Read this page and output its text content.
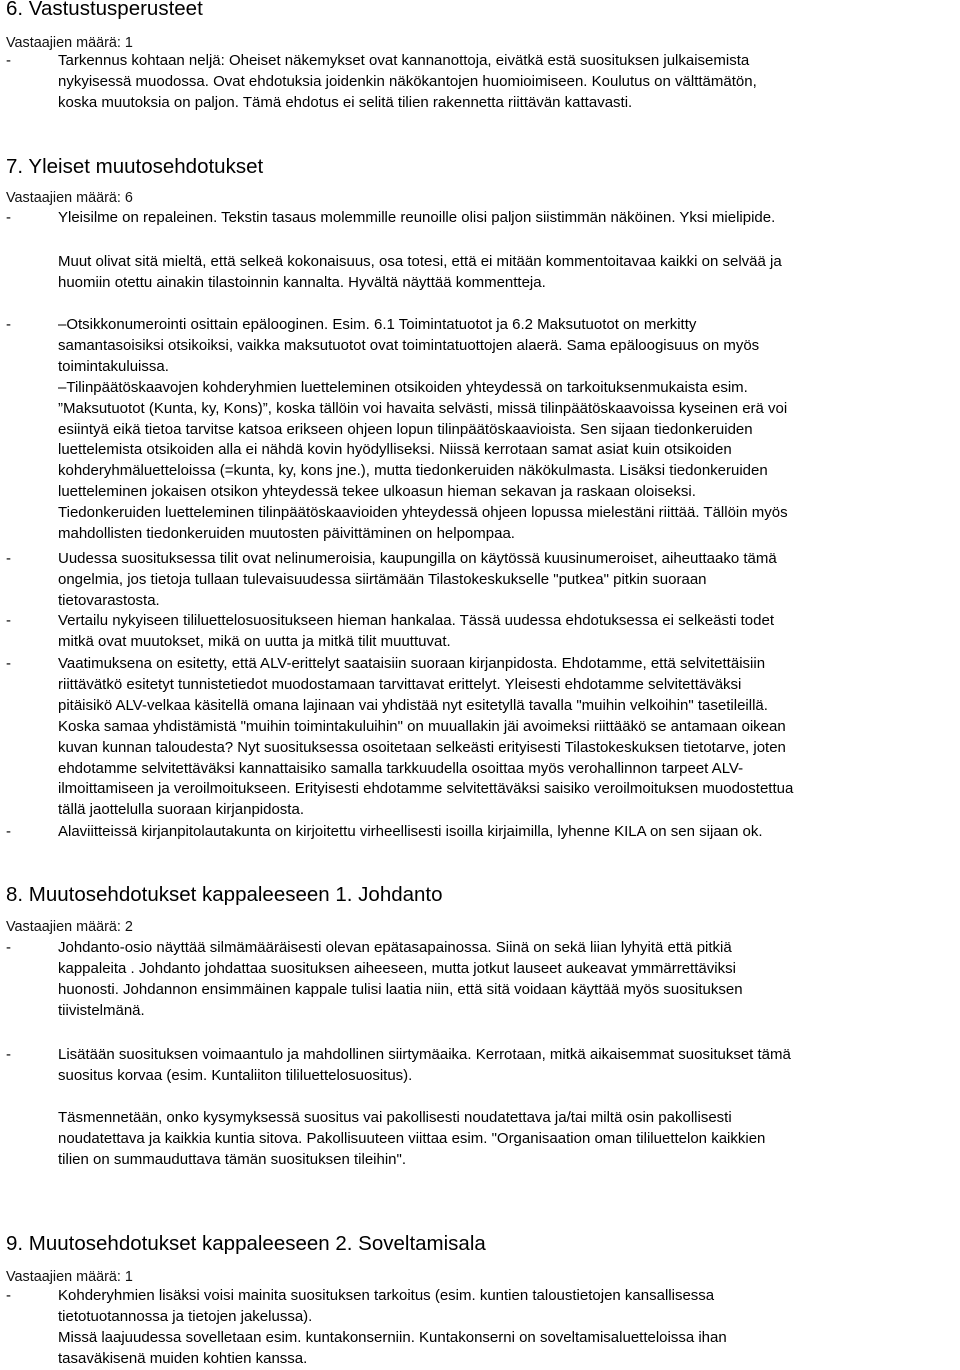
6. Vastustusperusteet
Vastaajien määrä: 1
-	Tarkennus kohtaan neljä: Oheiset näkemykset ovat kannanottoja, eivätkä estä suosituksen julkaisemista
nykyisessä muodossa. Ovat ehdotuksia joidenkin näkökantojen huomioimiseen. Koulutus on välttämätön,
koska muutoksia on paljon. Tämä ehdotus ei selitä tilien rakennetta riittävän kattavasti.
7. Yleiset muutosehdotukset
Vastaajien määrä: 6
-	Yleisilme on repaleinen. Tekstin tasaus molemmille reunoille olisi paljon siistimmän näköinen. Yksi mielipide.
Muut olivat sitä mieltä, että selkeä kokonaisuus, osa totesi, että ei mitään kommentoitavaa kaikki on selvää ja
huomiin otettu ainakin tilastoinnin kannalta. Hyvältä näyttää kommentteja.
-	–Otsikkonumerointi osittain epälooginen. Esim. 6.1 Toimintatuotot ja 6.2 Maksutuotot on merkitty
samantasoisiksi otsikoiksi, vaikka maksutuotot ovat toimintatuottojen alaerä. Sama epäloogisuus on myös
toimintakuluissa.
–Tilinpäätöskaavojen kohderyhmien luetteleminen otsikoiden yhteydessä on tarkoituksenmukaista esim.
”Maksutuotot (Kunta, ky, Kons)”, koska tällöin voi havaita selvästi, missä tilinpäätöskaavoissa kyseinen erä voi
esiintyä eikä tietoa tarvitse katsoa erikseen ohjeen lopun tilinpäätöskaavioista. Sen sijaan tiedonkeruiden
luettelemista otsikoiden alla ei nähdä kovin hyödylliseksi. Niissä kerrotaan samat asiat kuin otsikoiden
kohderyhmäluetteloissa (=kunta, ky, kons jne.), mutta tiedonkeruiden näkökulmasta. Lisäksi tiedonkeruiden
luetteleminen jokaisen otsikon yhteydessä tekee ulkoasun hieman sekavan ja raskaan oloiseksi.
Tiedonkeruiden luetteleminen tilinpäätöskaavioiden yhteydessä ohjeen lopussa mielestäni riittää. Tällöin myös
mahdollisten tiedonkeruiden muutosten päivittäminen on helpompaa.
-	Uudessa suosituksessa tilit ovat nelinumeroisia, kaupungilla on käytössä kuusinumeroiset, aiheuttaako tämä
ongelmia, jos tietoja tullaan tulevaisuudessa siirtämään Tilastokeskukselle "putkea" pitkin suoraan
tietovarastosta.
-	Vertailu nykyiseen tililuettelosuositukseen hieman hankalaa. Tässä uudessa ehdotuksessa ei selkeästi todet
mitkä ovat muutokset, mikä on uutta ja mitkä tilit muuttuvat.
-	Vaatimuksena on esitetty, että ALV-erittelyt saataisiin suoraan kirjanpidosta. Ehdotamme, että selvitettäisiin
riittävätkö esitetyt tunnistetiedot muodostamaan tarvittavat erittelyt. Yleisesti ehdotamme selvitettäväksi
pitäisikö ALV-velkaa käsitellä omana lajinaan vai yhdistää nyt esitetyllä tavalla "muihin velkoihin" tasetileillä.
Koska samaa yhdistämistä "muihin toimintakuluihin" on muuallakin jäi avoimeksi riittääkö se antamaan oikean
kuvan kunnan taloudesta? Nyt suosituksessa osoitetaan selkeästi erityisesti Tilastokeskuksen tietotarve, joten
ehdotamme selvitettäväksi kannattaisiko samalla tarkkuudella osoittaa myös verohallinnon tarpeet ALV-
ilmoittamiseen ja veroilmoitukseen. Erityisesti ehdotamme selvitettäväksi saisiko veroilmoituksen muodostettua
tällä jaottelulla suoraan kirjanpidosta.
-	Alaviitteissä kirjanpitolautakunta on kirjoitettu virheellisesti isoilla kirjaimilla, lyhenne KILA on sen sijaan ok.
8. Muutosehdotukset kappaleeseen 1. Johdanto
Vastaajien määrä: 2
-	Johdanto-osio näyttää silmämääräisesti olevan epätasapainossa. Siinä on sekä liian lyhyitä että pitkiä
kappaleita . Johdanto johdattaa suosituksen aiheeseen, mutta jotkut lauseet aukeavat ymmärrettäviksi
huonosti. Johdannon ensimmäinen kappale tulisi laatia niin, että sitä voidaan käyttää myös suosituksen
tiivistelmänä.
-	Lisätään suosituksen voimaantulo ja mahdollinen siirtymäaika. Kerrotaan, mitkä aikaisemmat suositukset tämä
suositus korvaa (esim. Kuntaliiton tililuettelosuositus).
Täsmennetään, onko kysymyksessä suositus vai pakollisesti noudatettava ja/tai miltä osin pakollisesti
noudatettava ja kaikkia kuntia sitova. Pakollisuuteen viittaa esim. "Organisaation oman tililuettelon kaikkien
tilien on summauduttava tämän suosituksen tileihin".
9. Muutosehdotukset kappaleeseen 2. Soveltamisala
Vastaajien määrä: 1
-	Kohderyhmien lisäksi voisi mainita suosituksen tarkoitus (esim. kuntien taloustietojen kansallisessa
tietotuotannossa ja tietojen jakelussa).
Missä laajuudessa sovelletaan esim. kuntakonserniin. Kuntakonserni on soveltamisaluetteloissa ihan
tasaväkisenä muiden kohtien kanssa.
